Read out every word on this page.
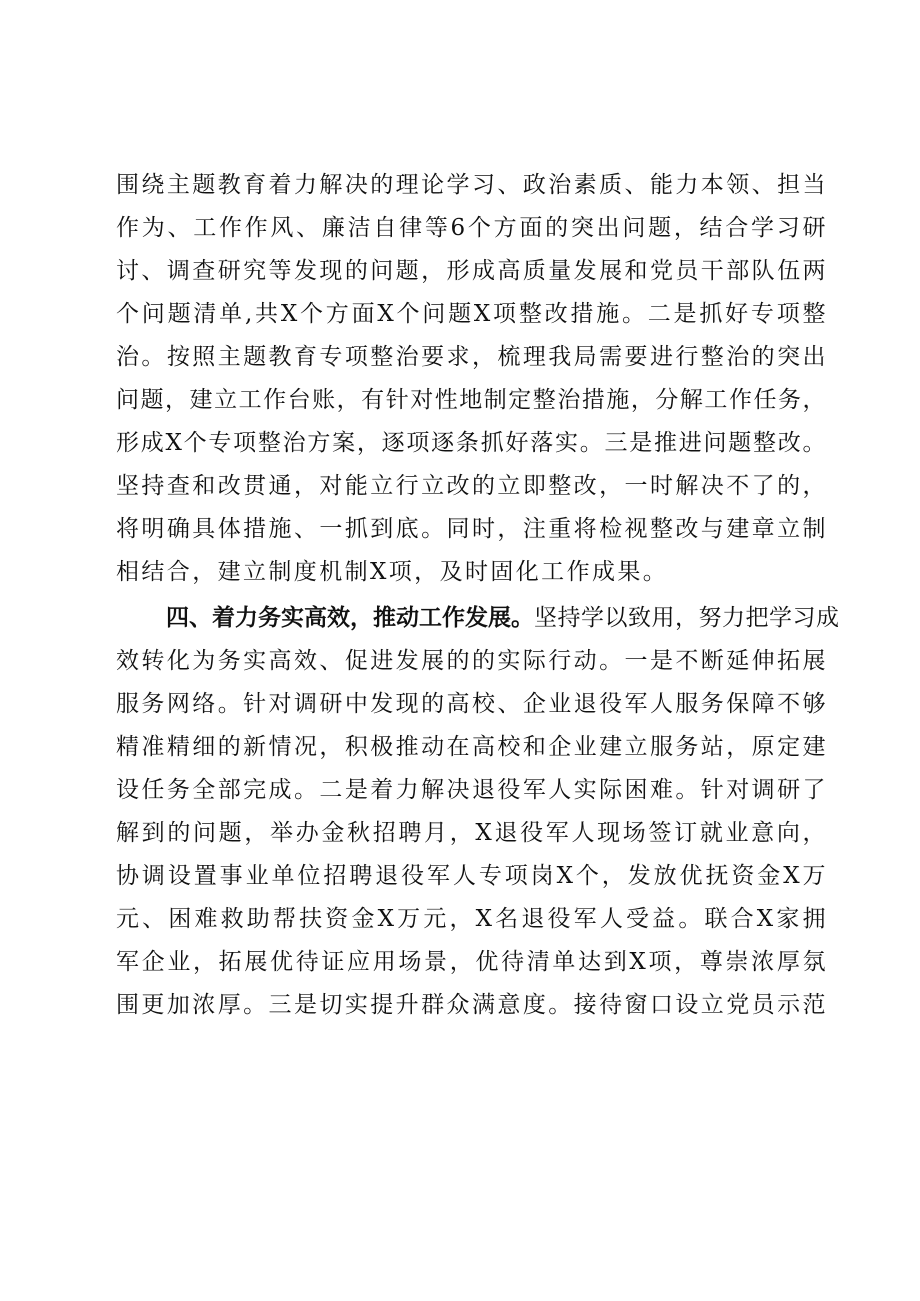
围绕主题教育着力解决的理论学习、政治素质、能力本领、担当
作为、工作作风、廉洁自律等6个方面的突出问题，结合学习研
讨、调查研究等发现的问题，形成高质量发展和党员干部队伍两
个问题清单,共X个方面X个问题X项整改措施。二是抓好专项整
治。按照主题教育专项整治要求，梳理我局需要进行整治的突出
问题，建立工作台账，有针对性地制定整治措施，分解工作任务，
形成X个专项整治方案，逐项逐条抓好落实。三是推进问题整改。
坚持查和改贯通，对能立行立改的立即整改，一时解决不了的，
将明确具体措施、一抓到底。同时，注重将检视整改与建章立制
相结合，建立制度机制X项，及时固化工作成果。
四、着力务实高效，推动工作发展。坚持学以致用，努力把学习成
效转化为务实高效、促进发展的的实际行动。一是不断延伸拓展
服务网络。针对调研中发现的高校、企业退役军人服务保障不够
精准精细的新情况，积极推动在高校和企业建立服务站，原定建
设任务全部完成。二是着力解决退役军人实际困难。针对调研了
解到的问题，举办金秋招聘月，X退役军人现场签订就业意向，
协调设置事业单位招聘退役军人专项岗X个，发放优抚资金X万
元、困难救助帮扶资金X万元，X名退役军人受益。联合X家拥
军企业，拓展优待证应用场景，优待清单达到X项，尊崇浓厚氛
围更加浓厚。三是切实提升群众满意度。接待窗口设立党员示范
